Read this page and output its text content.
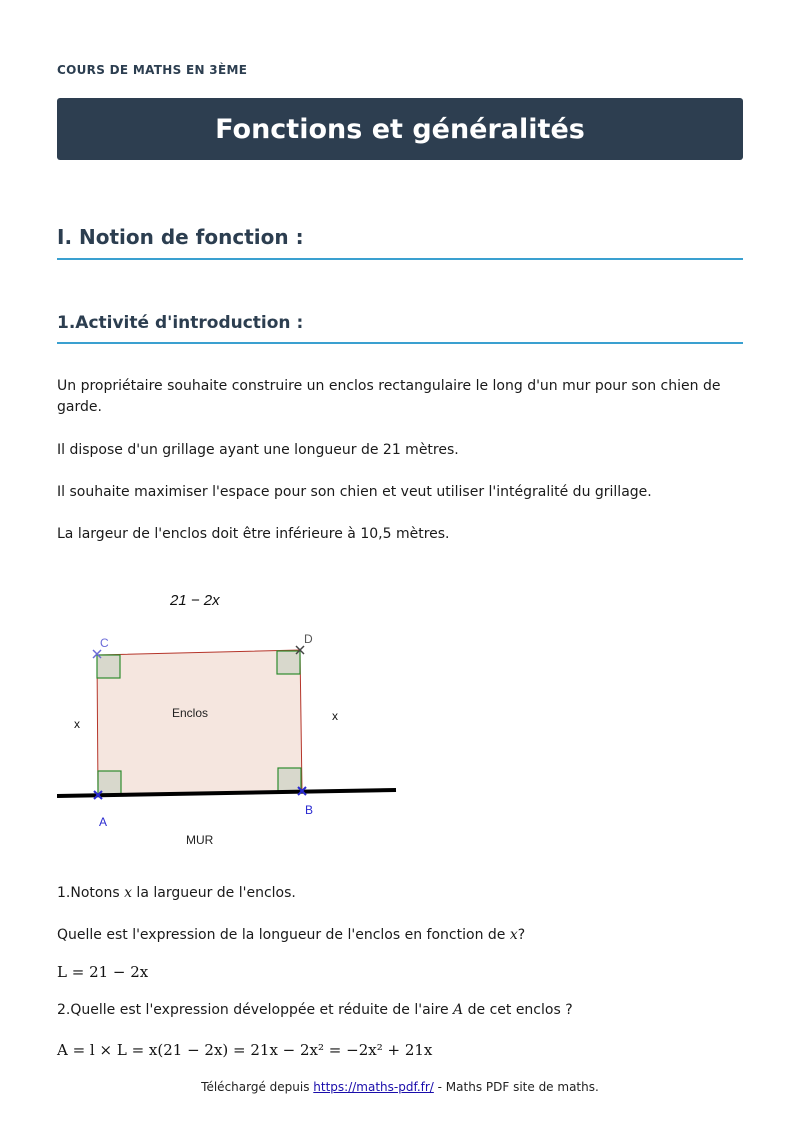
COURS DE MATHS EN 3ÈME
Fonctions et généralités
I. Notion de fonction :
1.Activité d'introduction :
Un propriétaire souhaite construire un enclos rectangulaire le long d'un mur pour son chien de garde.
Il dispose d'un grillage ayant une longueur de 21 mètres.
Il souhaite maximiser l'espace pour son chien et veut utiliser l'intégralité du grillage.
La largeur de l'enclos doit être inférieure à 10,5 mètres.
21 − 2x
C	D
Enclos
x
x
A
B
MUR
1.Notons x la largueur de l'enclos.
Quelle est l'expression de la longueur de l'enclos en fonction de x?
L = 21 − 2x
2.Quelle est l'expression développée et réduite de l'aire A de cet enclos ?
A = l × L = x(21 − 2x) = 21x − 2x² = −2x² + 21x
Téléchargé depuis https://maths-pdf.fr/ - Maths PDF site de maths.
